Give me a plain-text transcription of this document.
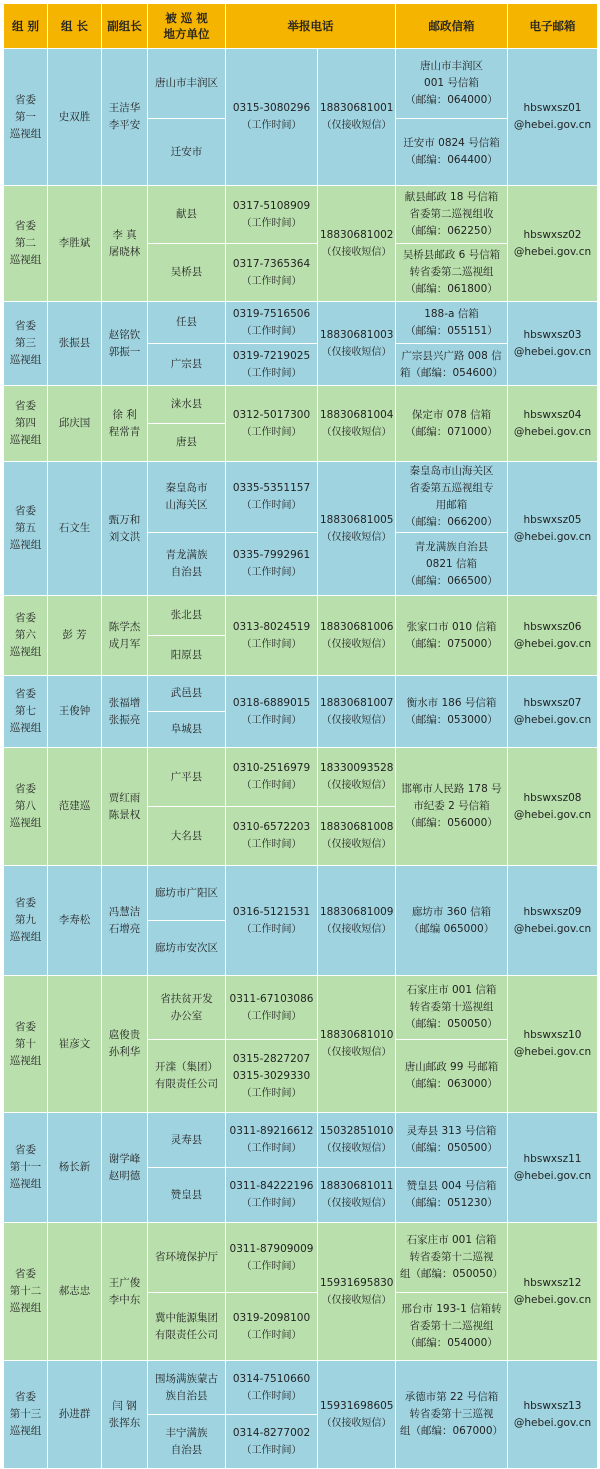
组 别	组 长	副组长	被 巡 视
地方单位	举报电话		邮政信箱	电子邮箱
省委
第一
巡视组	史双胜	王洁华
李平安	唐山市丰润区	0315-3080296
（工作时间）	18830681001
（仅接收短信）	唐山市丰润区
001 号信箱
（邮编：064000）	hbswxsz01
@hebei.gov.cn
			迁安市			迁安市 0824 号信箱
（邮编：064400）	
省委
第二
巡视组	李胜斌	李 真
屠晓林	献县	0317-5108909
（工作时间）	18830681002
（仅接收短信）	献县邮政 18 号信箱
省委第二巡视组收
（邮编：062250）	hbswxsz02
@hebei.gov.cn
			吴桥县	0317-7365364
（工作时间）		吴桥县邮政 6 号信箱
转省委第二巡视组
（邮编：061800）	
省委
第三
巡视组	张振县	赵铭钦
郭振一	任县	0319-7516506
（工作时间）	18830681003
（仅接收短信）	188-a 信箱
（邮编：055151）	hbswxsz03
@hebei.gov.cn
			广宗县	0319-7219025
（工作时间）		广宗县兴广路 008 信
箱（邮编：054600）	
省委
第四
巡视组	邱庆国	徐 利
程常青	涞水县	0312-5017300
（工作时间）	18830681004
（仅接收短信）	保定市 078 信箱
（邮编：071000）	hbswxsz04
@hebei.gov.cn
			唐县				
省委
第五
巡视组	石文生	甄万和
刘文洪	秦皇岛市
山海关区	0335-5351157
（工作时间）	18830681005
（仅接收短信）	秦皇岛市山海关区
省委第五巡视组专
用邮箱
（邮编：066200）	hbswxsz05
@hebei.gov.cn
			青龙满族
自治县	0335-7992961
（工作时间）		青龙满族自治县
0821 信箱
（邮编：066500）	
省委
第六
巡视组	彭 芳	陈学杰
成月军	张北县	0313-8024519
（工作时间）	18830681006
（仅接收短信）	张家口市 010 信箱
（邮编：075000）	hbswxsz06
@hebei.gov.cn
			阳原县				
省委
第七
巡视组	王俊钟	张福增
张振亮	武邑县	0318-6889015
（工作时间）	18830681007
（仅接收短信）	衡水市 186 号信箱
（邮编：053000）	hbswxsz07
@hebei.gov.cn
			阜城县				
省委
第八
巡视组	范建巡	贾红雨
陈景权	广平县	0310-2516979
（工作时间）	18330093528
（仅接收短信）	邯郸市人民路 178 号
市纪委 2 号信箱
（邮编：056000）	hbswxsz08
@hebei.gov.cn
			大名县	0310-6572203
（工作时间）	18830681008
（仅接收短信）		

省委
第九
巡视组	李寿松	冯慧洁
石增亮	廊坊市广阳区	0316-5121531
（工作时间）	18830681009
（仅接收短信）	廊坊市 360 信箱
（邮编 065000）	hbswxsz09
@hebei.gov.cn
			廊坊市安次区				
省委
第十
巡视组	崔彦文	扈俊贵
孙利华	省扶贫开发
办公室	0311-67103086
（工作时间）	18830681010
（仅接收短信）	石家庄市 001 信箱
转省委第十巡视组
（邮编：050050）	hbswxsz10
@hebei.gov.cn
			开滦（集团）
有限责任公司	0315-2827207
0315-3029330
（工作时间）		唐山邮政 99 号邮箱
（邮编：063000）	
省委
第十一
巡视组	杨长新	谢学峰
赵明德	灵寿县	0311-89216612
（工作时间）	15032851010
（仅接收短信）	灵寿县 313 号信箱
（邮编：050500）	hbswxsz11
@hebei.gov.cn
			赞皇县	0311-84222196
（工作时间）	18830681011
（仅接收短信）	赞皇县 004 号信箱
（邮编：051230）	
省委
第十二
巡视组	郝志忠	王广俊
李中东	省环境保护厅	0311-87909009
（工作时间）	15931695830
（仅接收短信）	石家庄市 001 信箱
转省委第十二巡视
组（邮编：050050）	hbswxsz12
@hebei.gov.cn
			冀中能源集团
有限责任公司	0319-2098100
（工作时间）		邢台市 193-1 信箱转
省委第十二巡视组
（邮编：054000）	
省委
第十三
巡视组	孙进群	闫 钢
张挥东	围场满族蒙古
族自治县	0314-7510660
（工作时间）	15931698605
（仅接收短信）	承德市第 22 号信箱
转省委第十三巡视
组（邮编：067000）	hbswxsz13
@hebei.gov.cn
			丰宁满族
自治县	0314-8277002
（工作时间）			
